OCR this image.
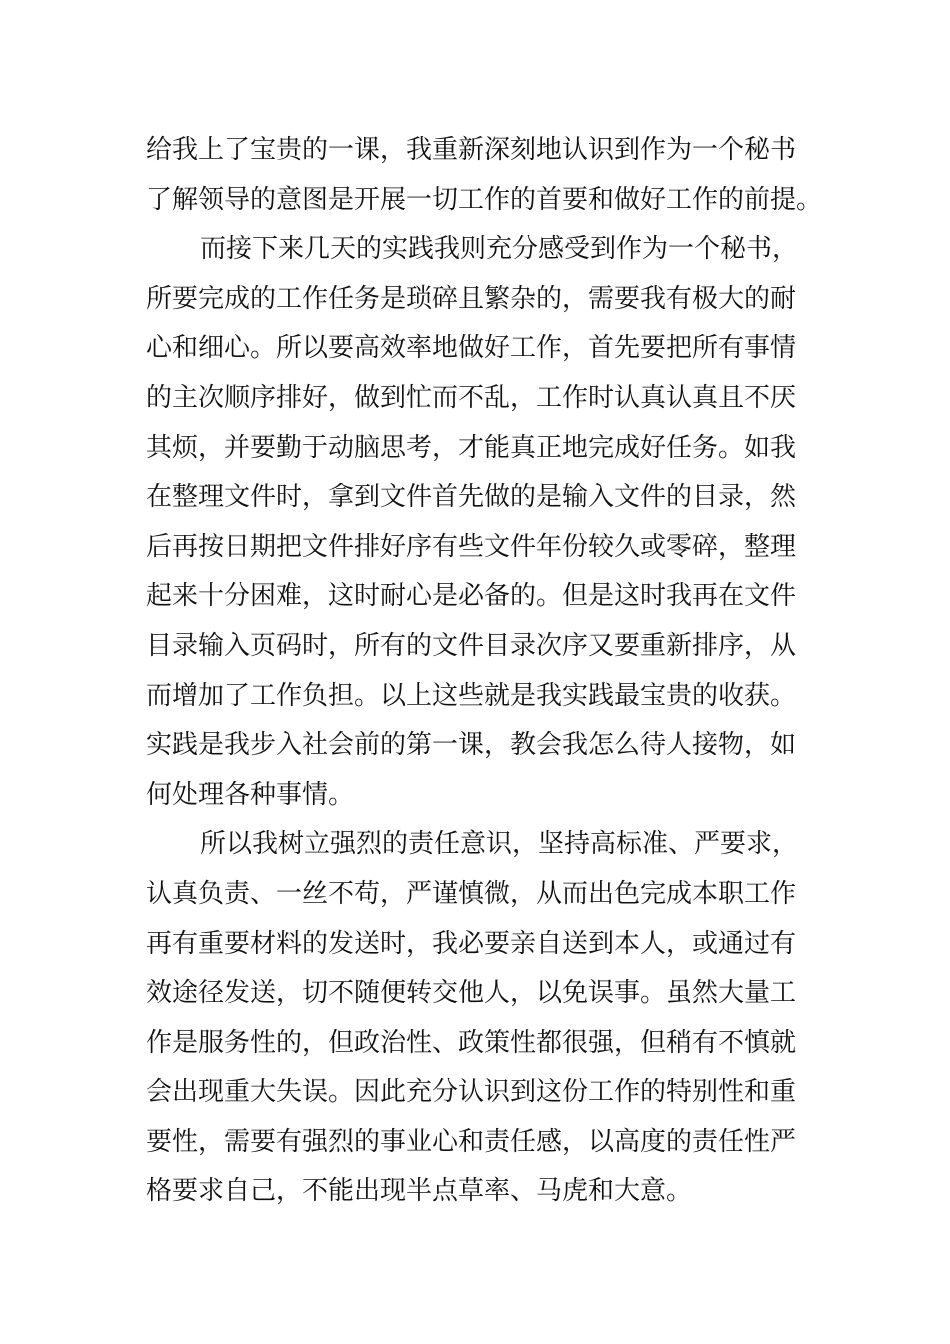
给我上了宝贵的一课，我重新深刻地认识到作为一个秘书
了解领导的意图是开展一切工作的首要和做好工作的前提。
而接下来几天的实践我则充分感受到作为一个秘书，
所要完成的工作任务是琐碎且繁杂的，需要我有极大的耐
心和细心。所以要高效率地做好工作，首先要把所有事情
的主次顺序排好，做到忙而不乱，工作时认真认真且不厌
其烦，并要勤于动脑思考，才能真正地完成好任务。如我
在整理文件时，拿到文件首先做的是输入文件的目录，然
后再按日期把文件排好序有些文件年份较久或零碎，整理
起来十分困难，这时耐心是必备的。但是这时我再在文件
目录输入页码时，所有的文件目录次序又要重新排序，从
而增加了工作负担。以上这些就是我实践最宝贵的收获。
实践是我步入社会前的第一课，教会我怎么待人接物，如
何处理各种事情。
所以我树立强烈的责任意识，坚持高标准、严要求，
认真负责、一丝不苟，严谨慎微，从而出色完成本职工作
再有重要材料的发送时，我必要亲自送到本人，或通过有
效途径发送，切不随便转交他人，以免误事。虽然大量工
作是服务性的，但政治性、政策性都很强，但稍有不慎就
会出现重大失误。因此充分认识到这份工作的特别性和重
要性，需要有强烈的事业心和责任感，以高度的责任性严
格要求自己，不能出现半点草率、马虎和大意。
